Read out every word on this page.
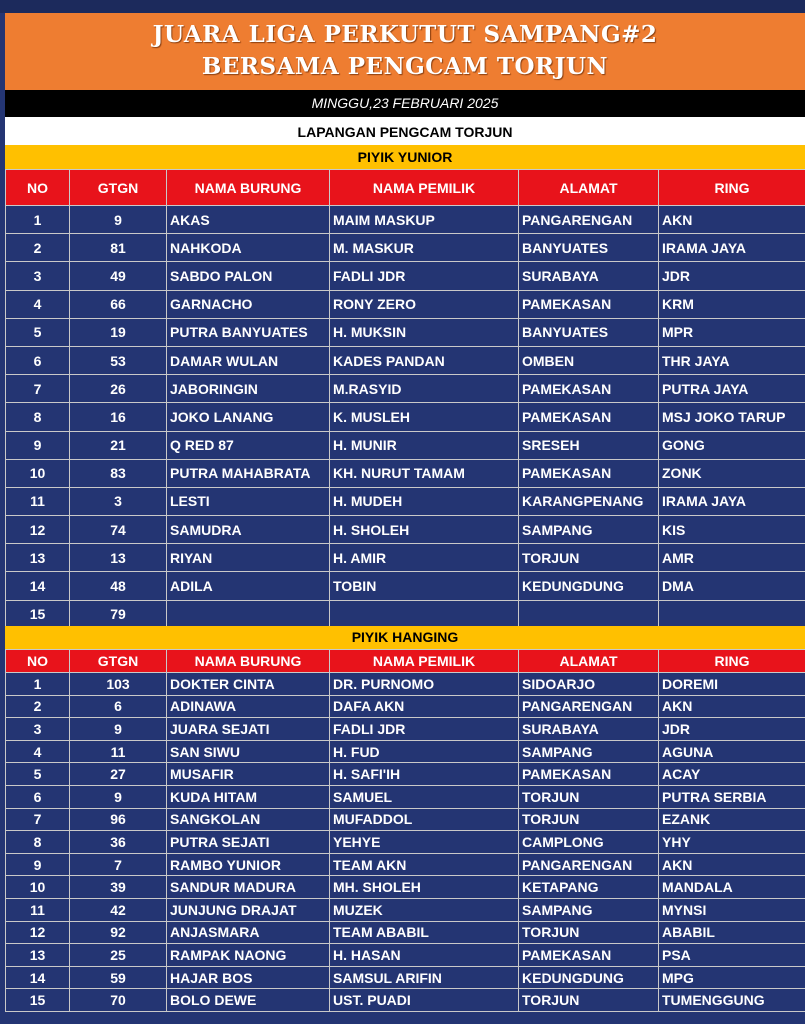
JUARA LIGA PERKUTUT SAMPANG#2
BERSAMA PENGCAM TORJUN
MINGGU,23 FEBRUARI 2025
LAPANGAN PENGCAM TORJUN
PIYIK YUNIOR
NO	GTGN	NAMA BURUNG	NAMA PEMILIK	ALAMAT	RING
1	9	AKAS	MAIM MASKUP	PANGARENGAN	AKN
2	81	NAHKODA	M. MASKUR	BANYUATES	IRAMA JAYA
3	49	SABDO PALON	FADLI JDR	SURABAYA	JDR
4	66	GARNACHO	RONY ZERO	PAMEKASAN	KRM
5	19	PUTRA BANYUATES	H. MUKSIN	BANYUATES	MPR
6	53	DAMAR WULAN	KADES PANDAN	OMBEN	THR JAYA
7	26	JABORINGIN	M.RASYID	PAMEKASAN	PUTRA JAYA
8	16	JOKO LANANG	K. MUSLEH	PAMEKASAN	MSJ JOKO TARUP
9	21	Q RED 87	H. MUNIR	SRESEH	GONG
10	83	PUTRA MAHABRATA	KH. NURUT TAMAM	PAMEKASAN	ZONK
11	3	LESTI	H. MUDEH	KARANGPENANG	IRAMA JAYA
12	74	SAMUDRA	H. SHOLEH	SAMPANG	KIS
13	13	RIYAN	H. AMIR	TORJUN	AMR
14	48	ADILA	TOBIN	KEDUNGDUNG	DMA
15	79				
PIYIK HANGING
NO	GTGN	NAMA BURUNG	NAMA PEMILIK	ALAMAT	RING
1	103	DOKTER CINTA	DR. PURNOMO	SIDOARJO	DOREMI
2	6	ADINAWA	DAFA AKN	PANGARENGAN	AKN
3	9	JUARA SEJATI	FADLI JDR	SURABAYA	JDR
4	11	SAN SIWU	H. FUD	SAMPANG	AGUNA
5	27	MUSAFIR	H. SAFI'IH	PAMEKASAN	ACAY
6	9	KUDA HITAM	SAMUEL	TORJUN	PUTRA SERBIA
7	96	SANGKOLAN	MUFADDOL	TORJUN	EZANK
8	36	PUTRA SEJATI	YEHYE	CAMPLONG	YHY
9	7	RAMBO YUNIOR	TEAM AKN	PANGARENGAN	AKN
10	39	SANDUR MADURA	MH. SHOLEH	KETAPANG	MANDALA
11	42	JUNJUNG DRAJAT	MUZEK	SAMPANG	MYNSI
12	92	ANJASMARA	TEAM ABABIL	TORJUN	ABABIL
13	25	RAMPAK NAONG	H. HASAN	PAMEKASAN	PSA
14	59	HAJAR BOS	SAMSUL ARIFIN	KEDUNGDUNG	MPG
15	70	BOLO DEWE	UST. PUADI	TORJUN	TUMENGGUNG
